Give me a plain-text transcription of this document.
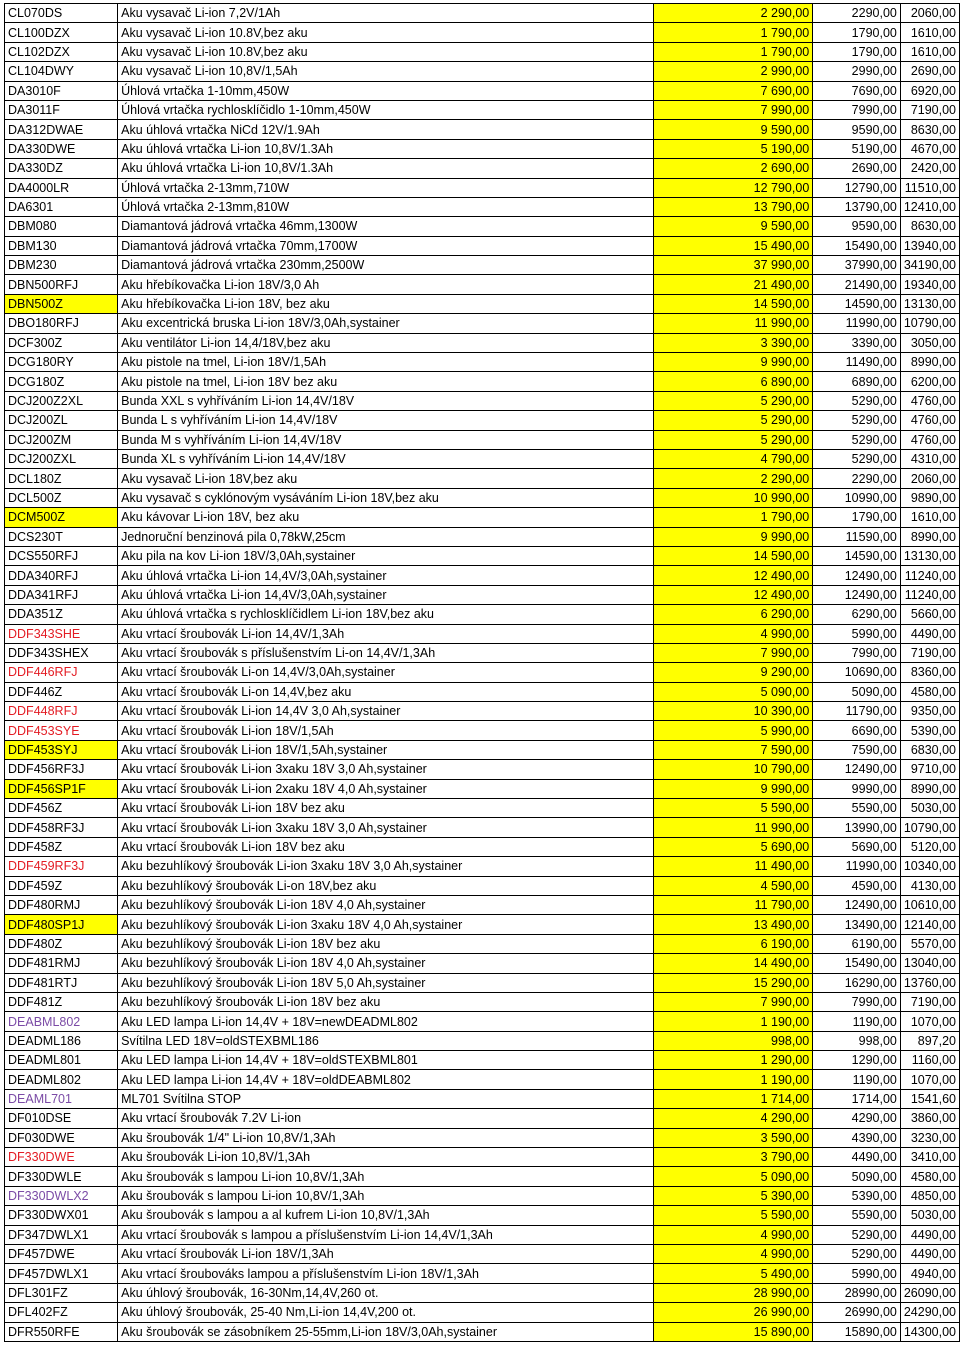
CL070DS	Aku vysavač Li-ion 7,2V/1Ah	2 290,00	2290,00	2060,00
CL100DZX	Aku vysavač Li-ion 10.8V,bez aku	1 790,00	1790,00	1610,00
CL102DZX	Aku vysavač Li-ion 10.8V,bez aku	1 790,00	1790,00	1610,00
CL104DWY	Aku vysavač Li-ion 10,8V/1,5Ah	2 990,00	2990,00	2690,00
DA3010F	Úhlová vrtačka 1-10mm,450W	7 690,00	7690,00	6920,00
DA3011F	Úhlová vrtačka rychlosklíčidlo 1-10mm,450W	7 990,00	7990,00	7190,00
DA312DWAE	Aku úhlová vrtačka NiCd 12V/1.9Ah	9 590,00	9590,00	8630,00
DA330DWE	Aku úhlová vrtačka Li-ion 10,8V/1.3Ah	5 190,00	5190,00	4670,00
DA330DZ	Aku úhlová vrtačka Li-ion 10,8V/1.3Ah	2 690,00	2690,00	2420,00
DA4000LR	Úhlová vrtačka 2-13mm,710W	12 790,00	12790,00	11510,00
DA6301	Úhlová vrtačka 2-13mm,810W	13 790,00	13790,00	12410,00
DBM080	Diamantová jádrová vrtačka 46mm,1300W	9 590,00	9590,00	8630,00
DBM130	Diamantová jádrová vrtačka 70mm,1700W	15 490,00	15490,00	13940,00
DBM230	Diamantová jádrová vrtačka 230mm,2500W	37 990,00	37990,00	34190,00
DBN500RFJ	Aku hřebíkovačka Li-ion 18V/3,0 Ah	21 490,00	21490,00	19340,00
DBN500Z	Aku hřebíkovačka Li-ion 18V, bez aku	14 590,00	14590,00	13130,00
DBO180RFJ	Aku excentrická bruska Li-ion 18V/3,0Ah,systainer	11 990,00	11990,00	10790,00
DCF300Z	Aku ventilátor Li-ion 14,4/18V,bez aku	3 390,00	3390,00	3050,00
DCG180RY	Aku pistole na tmel, Li-ion 18V/1,5Ah	9 990,00	11490,00	8990,00
DCG180Z	Aku pistole na tmel, Li-ion 18V bez aku	6 890,00	6890,00	6200,00
DCJ200Z2XL	Bunda XXL s vyhříváním Li-ion 14,4V/18V	5 290,00	5290,00	4760,00
DCJ200ZL	Bunda L s vyhříváním Li-ion 14,4V/18V	5 290,00	5290,00	4760,00
DCJ200ZM	Bunda M s vyhříváním Li-ion 14,4V/18V	5 290,00	5290,00	4760,00
DCJ200ZXL	Bunda XL s vyhříváním Li-ion 14,4V/18V	4 790,00	5290,00	4310,00
DCL180Z	Aku vysavač Li-ion 18V,bez aku	2 290,00	2290,00	2060,00
DCL500Z	Aku vysavač s cyklónovým vysáváním Li-ion 18V,bez aku	10 990,00	10990,00	9890,00
DCM500Z	Aku kávovar Li-ion 18V, bez aku	1 790,00	1790,00	1610,00
DCS230T	Jednoruční benzinová pila 0,78kW,25cm	9 990,00	11590,00	8990,00
DCS550RFJ	Aku pila na kov Li-ion 18V/3,0Ah,systainer	14 590,00	14590,00	13130,00
DDA340RFJ	Aku úhlová vrtačka Li-ion 14,4V/3,0Ah,systainer	12 490,00	12490,00	11240,00
DDA341RFJ	Aku úhlová vrtačka Li-ion 14,4V/3,0Ah,systainer	12 490,00	12490,00	11240,00
DDA351Z	Aku úhlová vrtačka s rychlosklíčidlem Li-ion 18V,bez aku	6 290,00	6290,00	5660,00
DDF343SHE	Aku vrtací šroubovák Li-ion 14,4V/1,3Ah	4 990,00	5990,00	4490,00
DDF343SHEX	Aku vrtací šroubovák s příslušenstvím Li-on 14,4V/1,3Ah	7 990,00	7990,00	7190,00
DDF446RFJ	Aku vrtací šroubovák Li-on 14,4V/3,0Ah,systainer	9 290,00	10690,00	8360,00
DDF446Z	Aku vrtací šroubovák Li-on 14,4V,bez aku	5 090,00	5090,00	4580,00
DDF448RFJ	Aku vrtací šroubovák Li-ion 14,4V 3,0 Ah,systainer	10 390,00	11790,00	9350,00
DDF453SYE	Aku vrtací šroubovák Li-ion 18V/1,5Ah	5 990,00	6690,00	5390,00
DDF453SYJ	Aku vrtací šroubovák Li-ion 18V/1,5Ah,systainer	7 590,00	7590,00	6830,00
DDF456RF3J	Aku vrtací šroubovák Li-ion 3xaku 18V 3,0 Ah,systainer	10 790,00	12490,00	9710,00
DDF456SP1F	Aku vrtací šroubovák Li-ion 2xaku 18V 4,0 Ah,systainer	9 990,00	9990,00	8990,00
DDF456Z	Aku vrtací šroubovák Li-ion 18V bez aku	5 590,00	5590,00	5030,00
DDF458RF3J	Aku vrtací šroubovák Li-ion 3xaku 18V 3,0 Ah,systainer	11 990,00	13990,00	10790,00
DDF458Z	Aku vrtací šroubovák Li-ion 18V bez aku	5 690,00	5690,00	5120,00
DDF459RF3J	Aku bezuhlíkový šroubovák Li-ion 3xaku 18V 3,0 Ah,systainer	11 490,00	11990,00	10340,00
DDF459Z	Aku bezuhlíkový šroubovák Li-on 18V,bez aku	4 590,00	4590,00	4130,00
DDF480RMJ	Aku bezuhlíkový šroubovák Li-ion 18V 4,0 Ah,systainer	11 790,00	12490,00	10610,00
DDF480SP1J	Aku bezuhlíkový šroubovák Li-ion 3xaku 18V 4,0 Ah,systainer	13 490,00	13490,00	12140,00
DDF480Z	Aku bezuhlíkový šroubovák Li-ion 18V bez aku	6 190,00	6190,00	5570,00
DDF481RMJ	Aku bezuhlíkový šroubovák Li-ion 18V 4,0 Ah,systainer	14 490,00	15490,00	13040,00
DDF481RTJ	Aku bezuhlíkový šroubovák Li-ion 18V 5,0 Ah,systainer	15 290,00	16290,00	13760,00
DDF481Z	Aku bezuhlíkový šroubovák Li-ion 18V bez aku	7 990,00	7990,00	7190,00
DEABML802	Aku LED lampa Li-ion 14,4V + 18V=newDEADML802	1 190,00	1190,00	1070,00
DEADML186	Svítilna LED 18V=oldSTEXBML186	998,00	998,00	897,20
DEADML801	Aku LED lampa Li-ion 14,4V + 18V=oldSTEXBML801	1 290,00	1290,00	1160,00
DEADML802	Aku LED lampa Li-ion 14,4V + 18V=oldDEABML802	1 190,00	1190,00	1070,00
DEAML701	ML701 Svítilna STOP	1 714,00	1714,00	1541,60
DF010DSE	Aku vrtací šroubovák 7.2V Li-ion	4 290,00	4290,00	3860,00
DF030DWE	Aku šroubovák 1/4" Li-ion 10,8V/1,3Ah	3 590,00	4390,00	3230,00
DF330DWE	Aku šroubovák Li-ion 10,8V/1,3Ah	3 790,00	4490,00	3410,00
DF330DWLE	Aku šroubovák s lampou Li-ion 10,8V/1,3Ah	5 090,00	5090,00	4580,00
DF330DWLX2	Aku šroubovák s lampou Li-ion 10,8V/1,3Ah	5 390,00	5390,00	4850,00
DF330DWX01	Aku šroubovák s lampou a al kufrem Li-ion 10,8V/1,3Ah	5 590,00	5590,00	5030,00
DF347DWLX1	Aku vrtací šroubovák s lampou a příslušenstvím Li-ion 14,4V/1,3Ah	4 990,00	5290,00	4490,00
DF457DWE	Aku vrtací šroubovák Li-ion 18V/1,3Ah	4 990,00	5290,00	4490,00
DF457DWLX1	Aku vrtací šroubováks lampou a příslušenstvím Li-ion 18V/1,3Ah	5 490,00	5990,00	4940,00
DFL301FZ	Aku úhlový šroubovák, 16-30Nm,14,4V,260 ot.	28 990,00	28990,00	26090,00
DFL402FZ	Aku úhlový šroubovák, 25-40 Nm,Li-ion 14,4V,200 ot.	26 990,00	26990,00	24290,00
DFR550RFE	Aku šroubovák se zásobníkem 25-55mm,Li-ion 18V/3,0Ah,systainer	15 890,00	15890,00	14300,00
